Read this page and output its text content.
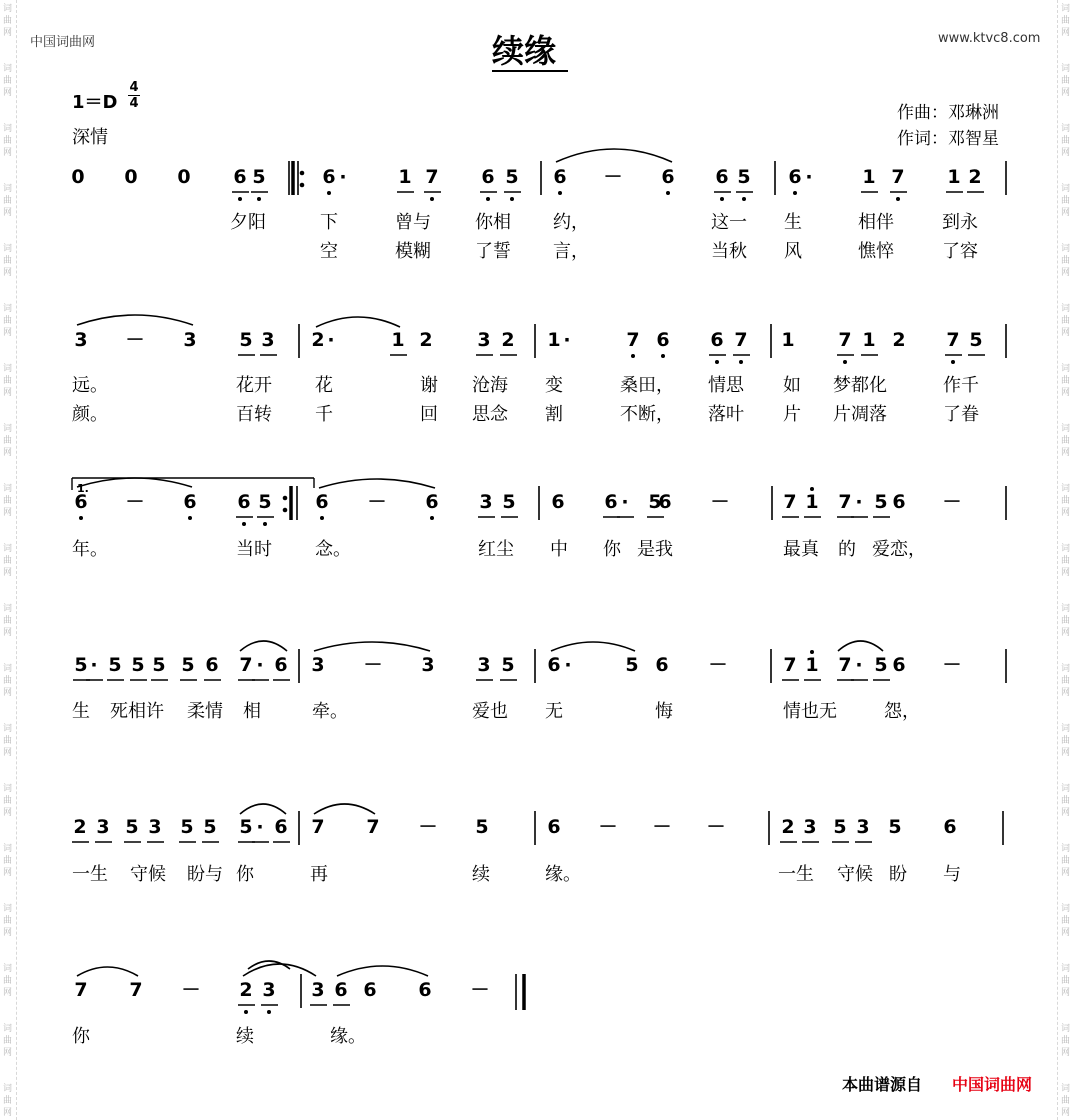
词
曲
网
词
曲
网
词
曲
网
词
曲
网
词
曲
网
词
曲
网
词
曲
网
词
曲
网
词
曲
网
词
曲
网
词
曲
网
词
曲
网
词
曲
网
词
曲
网
词
曲
网
词
曲
网
词
曲
网
词
曲
网
词
曲
网
词
曲
网
词
曲
网
词
曲
网
词
曲
网
词
曲
网
词
曲
网
词
曲
网
词
曲
网
词
曲
网
词
曲
网
词
曲
网
词
曲
网
词
曲
网
词
曲
网
词
曲
网
词
曲
网
词
曲
网
词
曲
网
词
曲
网
中国词曲网	www.ktvc8.com
续缘
1＝D
4
4
深情
作曲：邓琳洲
作词：邓智星
0 0 0 6 5	6 ·	1 7 6 5 6 － 6 6 5 6 ·	1 7 1 2
夕阳	下	曾与 你相 约，	这一 生	相伴	到永
空	模糊 了誓 言，	当秋 风	憔悴	了容
3 － 3 5 3 2 ·	1 2 3 2 1 ·	7 6 6 7 1 7 1 2 7 5
远。	花开 花	谢 沧海 变	桑田， 情思 如 梦都化	作千
颜。	百转 千	回 思念 割	不断， 落叶 片 片凋落	了眷
6 － 6 6 5 6 － 6 3 5 6 6 · 5
6 －	7 1 7 · 5 6 －
年。	当时 念。	红尘 中 你 是我	最真 的 爱恋，
5 · 5 5 5 5 6 7 · 6 3 － 3 3 5 6 ·	5 6 －	7 1 7 · 5 6 －
生 死相许 柔情 相	牵。	爱也 无	悔	情也无	怨，
2 3 5 3 5 5 5 · 6 7 7 － 5	6 － － －	2 3 5 3 5 6
一生 守候 盼与 你	再	续	缘。	一生 守候 盼 与
7 7 － 2 3 3 6 6 6 －
你	续	缘。
1.
本曲谱源自 中国词曲网
